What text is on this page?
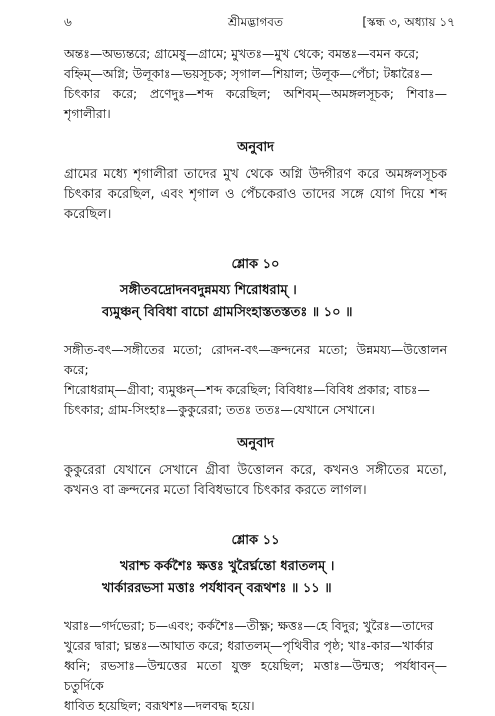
৬	শ্রীমদ্ভাগবত	[স্কন্ধ ৩, অধ্যায় ১৭

অন্তঃ—অভ্যন্তরে; গ্রামেষু—গ্রামে; মুখতঃ—মুখ থেকে; বমন্তঃ—বমন করে;

বহ্নিম্—অগ্নি; উলূকাঃ—ভয়সূচক; সৃগাল—শিয়াল; উলূক—পেঁচা; টঙ্কারৈঃ—

চিৎকার করে; প্রণেদুঃ—শব্দ করেছিল; অশিবম্—অমঙ্গলসূচক; শিবাঃ—শৃগালীরা।

অনুবাদ
গ্রামের মধ্যে শৃগালীরা তাদের মুখ থেকে অগ্নি উদ্গীরণ করে অমঙ্গলসূচক চিৎকার করেছিল, এবং শৃগাল ও পেঁচকেরাও তাদের সঙ্গে যোগ দিয়ে শব্দ করেছিল।
শ্লোক ১০
সঙ্গীতবদ্রোদনবদুন্নময্য শিরোধরাম্ ।
ব্যমুঞ্চন্ বিবিধা বাচো গ্রামসিংহাস্ততস্ততঃ ॥ ১০ ॥

সঙ্গীত-বৎ—সঙ্গীতের মতো; রোদন-বৎ—ক্রন্দনের মতো; উন্নময্য—উত্তোলন করে;

শিরোধরাম্—গ্রীবা; ব্যমুঞ্চন্—শব্দ করেছিল; বিবিধাঃ—বিবিধ প্রকার; বাচঃ—

চিৎকার; গ্রাম-সিংহাঃ—কুকুরেরা; ততঃ ততঃ—যেখানে সেখানে।

অনুবাদ
কুকুরেরা যেখানে সেখানে গ্রীবা উত্তোলন করে, কখনও সঙ্গীতের মতো, কখনও বা ক্রন্দনের মতো বিবিধভাবে চিৎকার করতে লাগল।
শ্লোক ১১
খরাশ্চ কর্কশৈঃ ক্ষত্তঃ খুরৈর্ঘ্নন্তো ধরাতলম্ ।
খার্কাররভসা মত্তাঃ পর্যধাবন্ বরূথশঃ ॥ ১১ ॥

খরাঃ—গর্দভেরা; চ—এবং; কর্কশৈঃ—তীক্ষ্ণ; ক্ষত্তঃ—হে বিদুর; খুরৈঃ—তাদের

খুরের দ্বারা; ঘ্নন্তঃ—আঘাত করে; ধরাতলম্—পৃথিবীর পৃষ্ঠ; খাঃ-কার—খার্কার

ধ্বনি; রভসাঃ—উন্মত্তের মতো যুক্ত হয়েছিল; মত্তাঃ—উন্মত্ত; পর্যধাবন্—চতুর্দিকে

ধাবিত হয়েছিল; বরূথশঃ—দলবদ্ধ হয়ে।
